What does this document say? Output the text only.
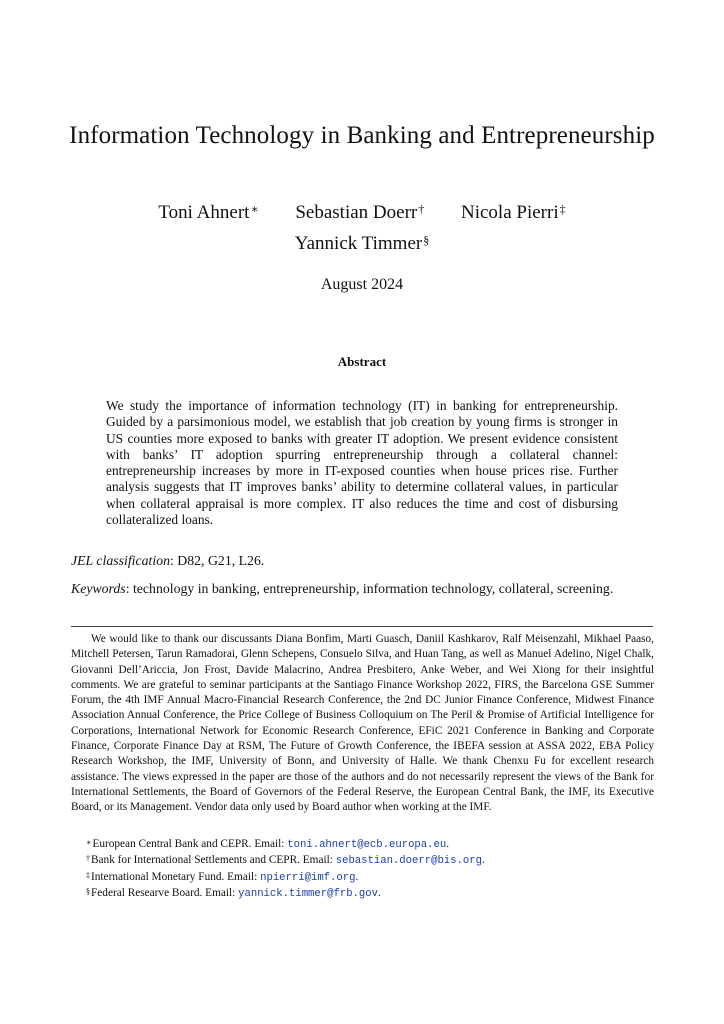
Information Technology in Banking and Entrepreneurship
Toni Ahnert∗ Sebastian Doerr† Nicola Pierri‡
Yannick Timmer§
August 2024
Abstract
We study the importance of information technology (IT) in banking for entrepreneurship. Guided by a parsimonious model, we establish that job creation by young firms is stronger in US counties more exposed to banks with greater IT adoption. We present evidence consistent with banks’ IT adoption spurring entrepreneurship through a collateral channel: entrepreneurship increases by more in IT-exposed counties when house prices rise. Further analysis suggests that IT improves banks’ ability to determine collateral values, in particular when collateral appraisal is more complex. IT also reduces the time and cost of disbursing collateralized loans.
JEL classification: D82, G21, L26.
Keywords: technology in banking, entrepreneurship, information technology, collateral, screening.
We would like to thank our discussants Diana Bonfim, Marti Guasch, Daniil Kashkarov, Ralf Meisenzahl, Mikhael Paaso, Mitchell Petersen, Tarun Ramadorai, Glenn Schepens, Consuelo Silva, and Huan Tang, as well as Manuel Adelino, Nigel Chalk, Giovanni Dell’Ariccia, Jon Frost, Davide Malacrino, Andrea Presbitero, Anke Weber, and Wei Xiong for their insightful comments. We are grateful to seminar participants at the Santiago Finance Workshop 2022, FIRS, the Barcelona GSE Summer Forum, the 4th IMF Annual Macro-Financial Research Conference, the 2nd DC Junior Finance Conference, Midwest Finance Association Annual Conference, the Price College of Business Colloquium on The Peril & Promise of Artificial Intelligence for Corporations, International Network for Economic Research Conference, EFiC 2021 Conference in Banking and Corporate Finance, Corporate Finance Day at RSM, The Future of Growth Conference, the IBEFA session at ASSA 2022, EBA Policy Research Workshop, the IMF, University of Bonn, and University of Halle. We thank Chenxu Fu for excellent research assistance. The views expressed in the paper are those of the authors and do not necessarily represent the views of the Bank for International Settlements, the Board of Governors of the Federal Reserve, the European Central Bank, the IMF, its Executive Board, or its Management. Vendor data only used by Board author when working at the IMF.
∗European Central Bank and CEPR. Email: toni.ahnert@ecb.europa.eu.
†Bank for International Settlements and CEPR. Email: sebastian.doerr@bis.org.
‡International Monetary Fund. Email: npierri@imf.org.
§Federal Researve Board. Email: yannick.timmer@frb.gov.
